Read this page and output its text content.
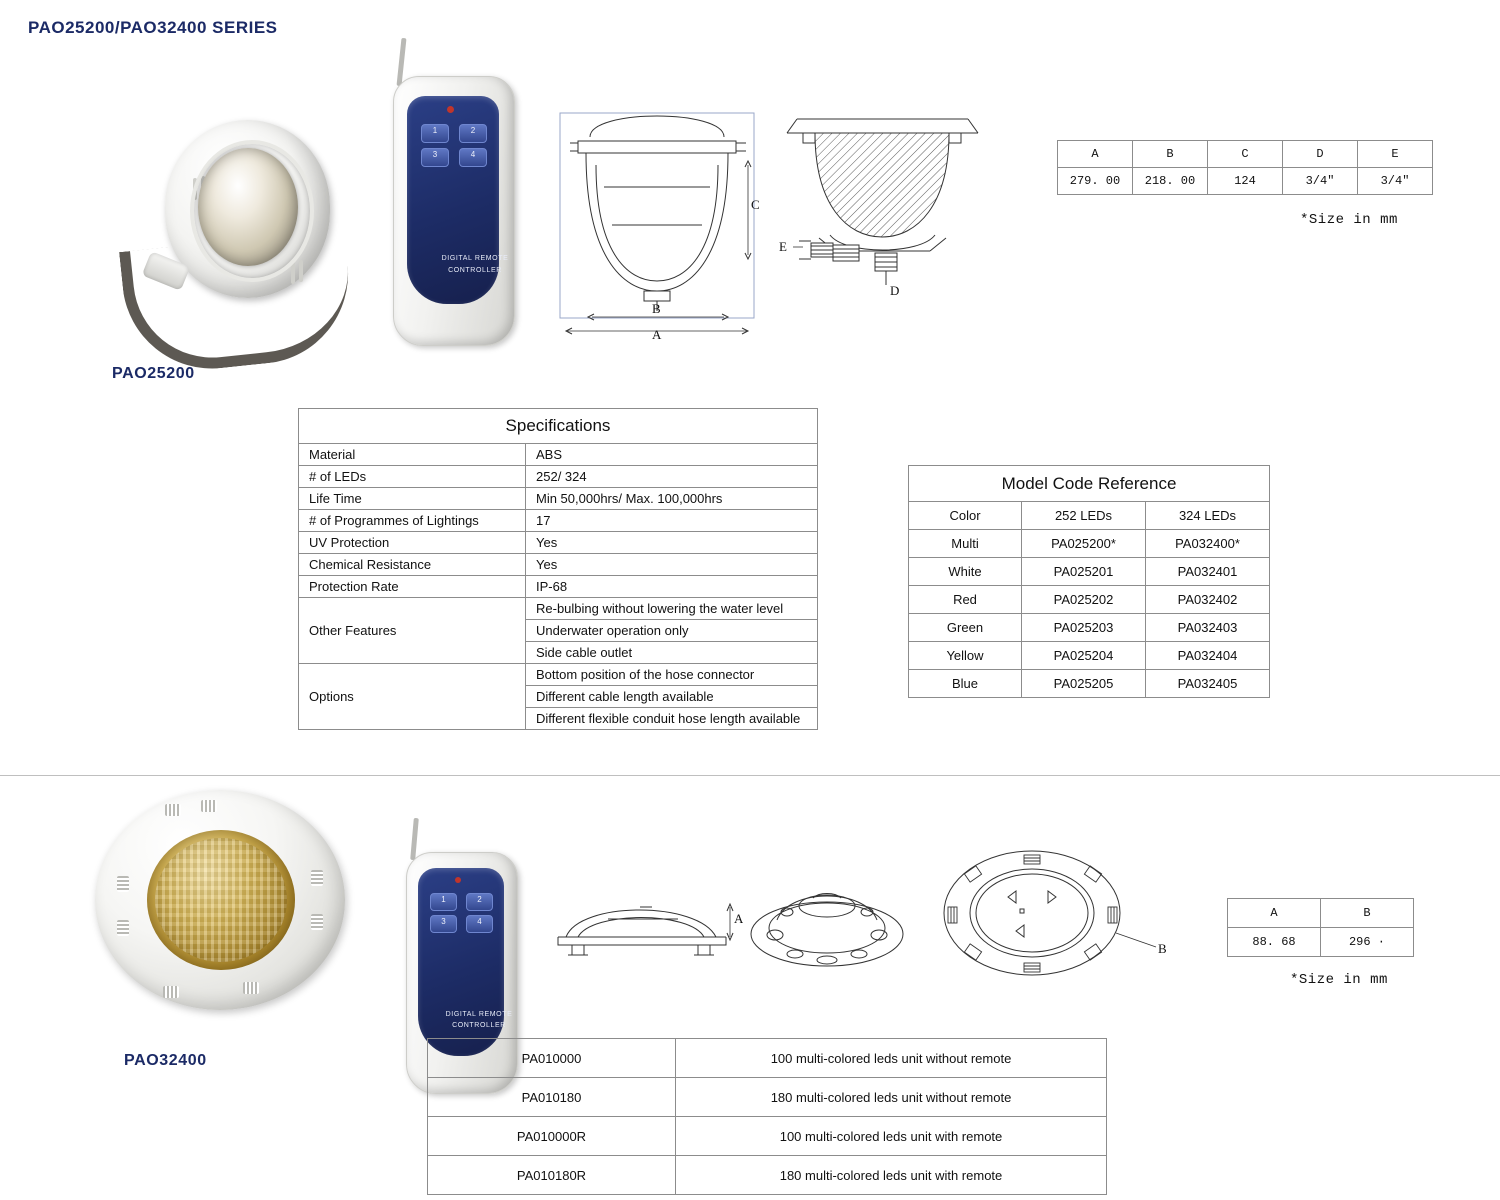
PAO25200/PAO32400 SERIES
PAO25200
1	2
3	4
DIGITAL REMOTE
CONTROLLER
C
B
A
E
D
A	B	C	D	E
279. 00	218. 00	124	3/4″	3/4″
*Size in mm
Specifications	
Material	ABS
# of LEDs	252/ 324
Life Time	Min 50,000hrs/ Max. 100,000hrs
# of Programmes of Lightings	17
UV Protection	Yes
Chemical Resistance	Yes
Protection Rate	IP-68
Other Features	Re-bulbing without lowering the water level
	Underwater operation only
	Side cable outlet
Options	Bottom position of the hose connector
	Different cable length available
	Different flexible conduit hose length available
Model Code Reference		
Color	252 LEDs	324 LEDs
Multi	PA025200*	PA032400*
White	PA025201	PA032401
Red	PA025202	PA032402
Green	PA025203	PA032403
Yellow	PA025204	PA032404
Blue	PA025205	PA032405
PAO32400
1	2
3	4
DIGITAL REMOTE
CONTROLLER
A
B
A	B
88. 68	296 ·
*Size in mm
PA010000	100 multi-colored leds unit without remote
PA010180	180 multi-colored leds unit without remote
PA010000R	100 multi-colored leds unit with remote
PA010180R	180 multi-colored leds unit with remote
